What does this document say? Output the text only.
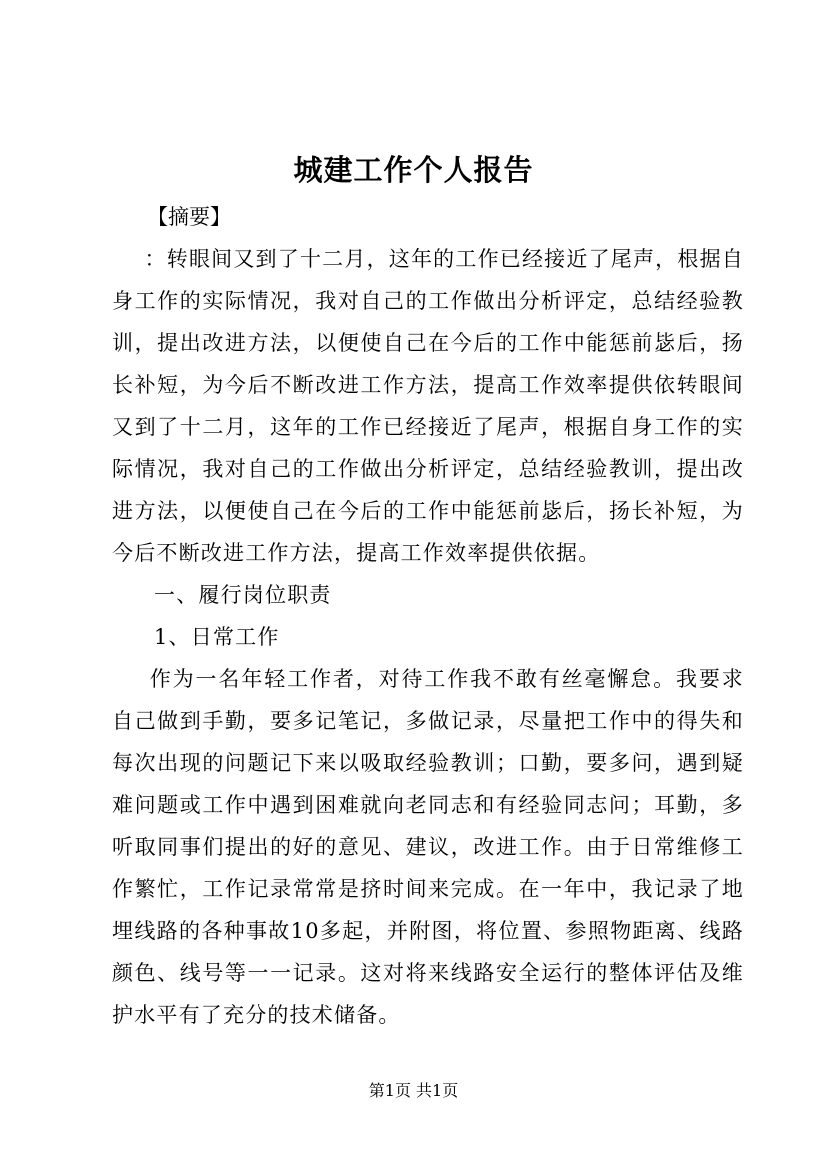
城建工作个人报告
【摘要】

：转眼间又到了十二月，这年的工作已经接近了尾声，根据自身工作的实际情况，我对自己的工作做出分析评定，总结经验教训，提出改进方法，以便使自己在今后的工作中能惩前毖后，扬长补短，为今后不断改进工作方法，提高工作效率提供依转眼间又到了十二月，这年的工作已经接近了尾声，根据自身工作的实际情况，我对自己的工作做出分析评定，总结经验教训，提出改进方法，以便使自己在今后的工作中能惩前毖后，扬长补短，为今后不断改进工作方法，提高工作效率提供依据。

一、履行岗位职责

1、日常工作

作为一名年轻工作者，对待工作我不敢有丝毫懈怠。我要求自己做到手勤，要多记笔记，多做记录，尽量把工作中的得失和每次出现的问题记下来以吸取经验教训；口勤，要多问，遇到疑难问题或工作中遇到困难就向老同志和有经验同志问；耳勤，多听取同事们提出的好的意见、建议，改进工作。由于日常维修工作繁忙，工作记录常常是挤时间来完成。在一年中，我记录了地埋线路的各种事故10多起，并附图，将位置、参照物距离、线路颜色、线号等一一记录。这对将来线路安全运行的整体评估及维护水平有了充分的技术储备。

第1页 共1页
